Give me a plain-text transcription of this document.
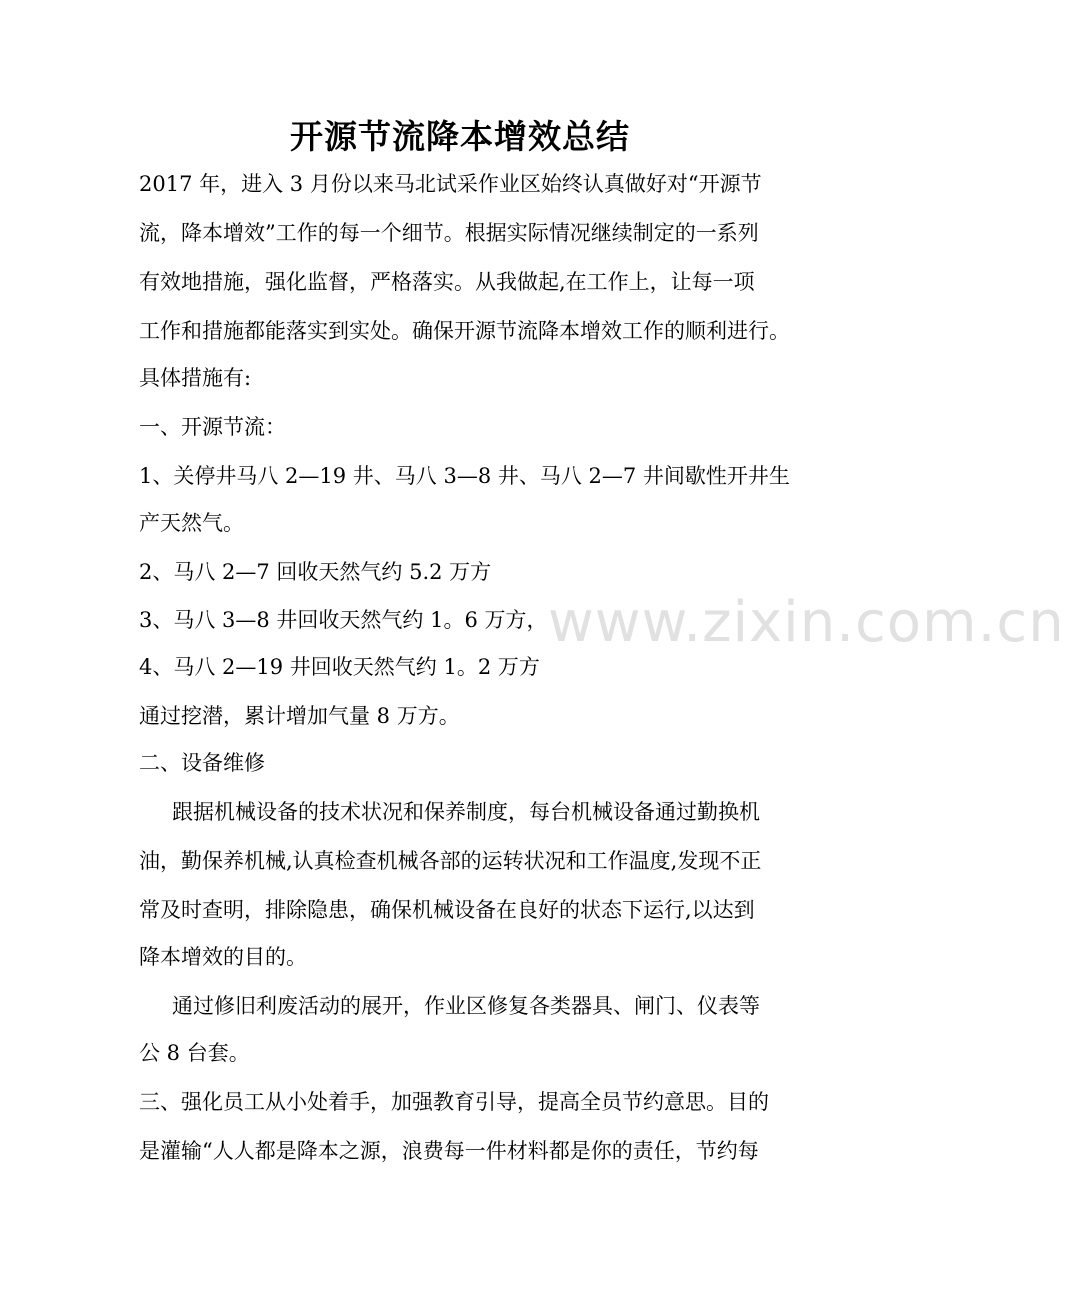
开源节流降本增效总结
2017 年，进入 3 月份以来马北试采作业区始终认真做好对“开源节
流，降本增效”工作的每一个细节。根据实际情况继续制定的一系列
有效地措施，强化监督，严格落实。从我做起,在工作上，让每一项
工作和措施都能落实到实处。确保开源节流降本增效工作的顺利进行。
具体措施有:
一、开源节流：
1、关停井马八 2—19 井、马八 3—8 井、马八 2—7 井间歇性开井生
产天然气。
2、马八 2—7 回收天然气约 5.2 万方
3、马八 3—8 井回收天然气约 1。6 万方，
4、马八 2—19 井回收天然气约 1。2 万方
通过挖潜，累计增加气量 8 万方。
二、设备维修
跟据机械设备的技术状况和保养制度，每台机械设备通过勤换机
油，勤保养机械,认真检查机械各部的运转状况和工作温度,发现不正
常及时查明，排除隐患，确保机械设备在良好的状态下运行,以达到
降本增效的目的。
通过修旧利废活动的展开，作业区修复各类器具、闸门、仪表等
公 8 台套。
三、强化员工从小处着手，加强教育引导，提高全员节约意思。目的
是灌输“人人都是降本之源，浪费每一件材料都是你的责任，节约每
www.zixin.com.cn
